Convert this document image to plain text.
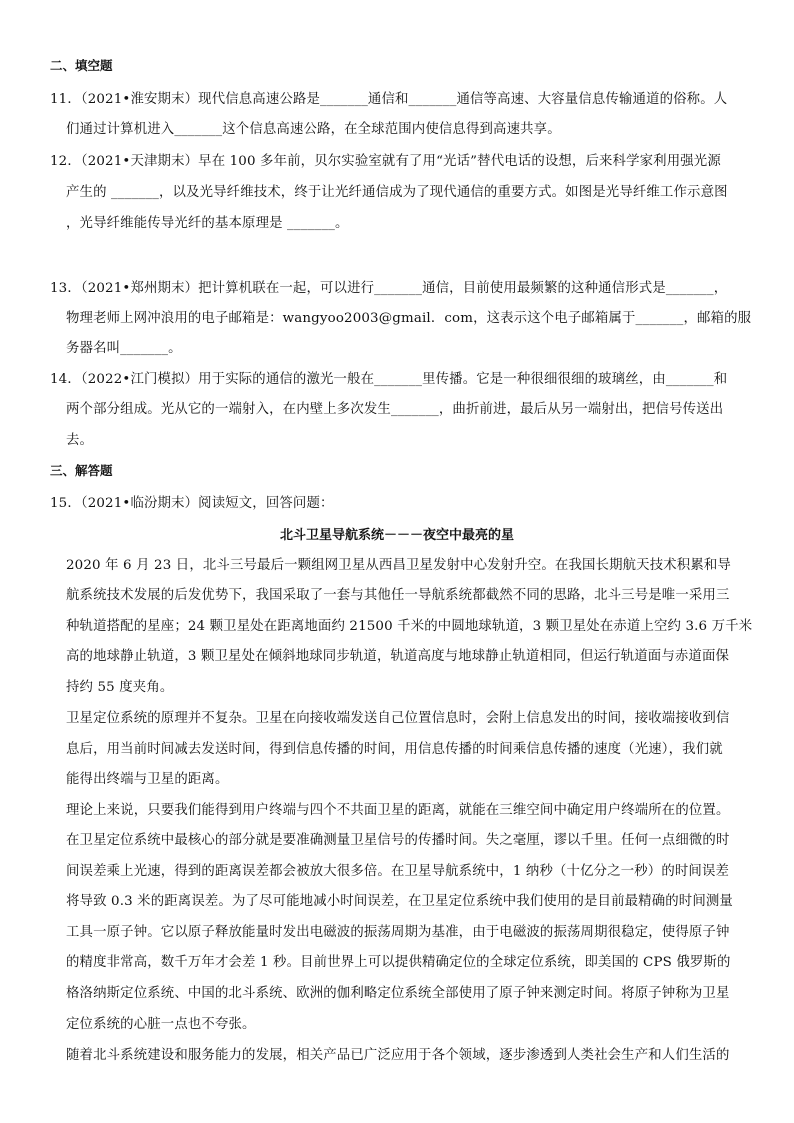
二、填空题
11．（2021•淮安期末）现代信息高速公路是_______通信和_______通信等高速、大容量信息传输通道的俗称。人
们通过计算机进入_______这个信息高速公路，在全球范围内使信息得到高速共享。
12．（2021•天津期末）早在 100 多年前，贝尔实验室就有了用“光话”替代电话的设想，后来科学家利用强光源
产生的 _______，以及光导纤维技术，终于让光纤通信成为了现代通信的重要方式。如图是光导纤维工作示意图
，光导纤维能传导光纤的基本原理是 _______。
13．（2021•郑州期末）把计算机联在一起，可以进行_______通信，目前使用最频繁的这种通信形式是_______，
物理老师上网冲浪用的电子邮箱是：wangyoo2003@gmail．com，这表示这个电子邮箱属于_______，邮箱的服
务器名叫_______。
14．（2022•江门模拟）用于实际的通信的激光一般在_______里传播。它是一种很细很细的玻璃丝，由_______和
两个部分组成。光从它的一端射入，在内壁上多次发生_______，曲折前进，最后从另一端射出，把信号传送出
去。
三、解答题
15．（2021•临汾期末）阅读短文，回答问题：
北斗卫星导航系统－－－夜空中最亮的星
2020 年 6 月 23 日，北斗三号最后一颗组网卫星从西昌卫星发射中心发射升空。在我国长期航天技术积累和导
航系统技术发展的后发优势下，我国采取了一套与其他任一导航系统都截然不同的思路，北斗三号是唯一采用三
种轨道搭配的星座；24 颗卫星处在距离地面约 21500 千米的中圆地球轨道，3 颗卫星处在赤道上空约 3.6 万千米
高的地球静止轨道，3 颗卫星处在倾斜地球同步轨道，轨道高度与地球静止轨道相同，但运行轨道面与赤道面保
持约 55 度夹角。
卫星定位系统的原理并不复杂。卫星在向接收端发送自己位置信息时，会附上信息发出的时间，接收端接收到信
息后，用当前时间减去发送时间，得到信息传播的时间，用信息传播的时间乘信息传播的速度（光速），我们就
能得出终端与卫星的距离。
理论上来说，只要我们能得到用户终端与四个不共面卫星的距离，就能在三维空间中确定用户终端所在的位置。
在卫星定位系统中最核心的部分就是要准确测量卫星信号的传播时间。失之毫厘，谬以千里。任何一点细微的时
间误差乘上光速，得到的距离误差都会被放大很多倍。在卫星导航系统中，1 纳秒（十亿分之一秒）的时间误差
将导致 0.3 米的距离误差。为了尽可能地减小时间误差，在卫星定位系统中我们使用的是目前最精确的时间测量
工具一原子钟。它以原子释放能量时发出电磁波的振荡周期为基准，由于电磁波的振荡周期很稳定，使得原子钟
的精度非常高，数千万年才会差 1 秒。目前世界上可以提供精确定位的全球定位系统，即美国的 CPS 俄罗斯的
格洛纳斯定位系统、中国的北斗系统、欧洲的伽利略定位系统全部使用了原子钟来测定时间。将原子钟称为卫星
定位系统的心脏一点也不夸张。
随着北斗系统建设和服务能力的发展，相关产品已广泛应用于各个领域，逐步渗透到人类社会生产和人们生活的
